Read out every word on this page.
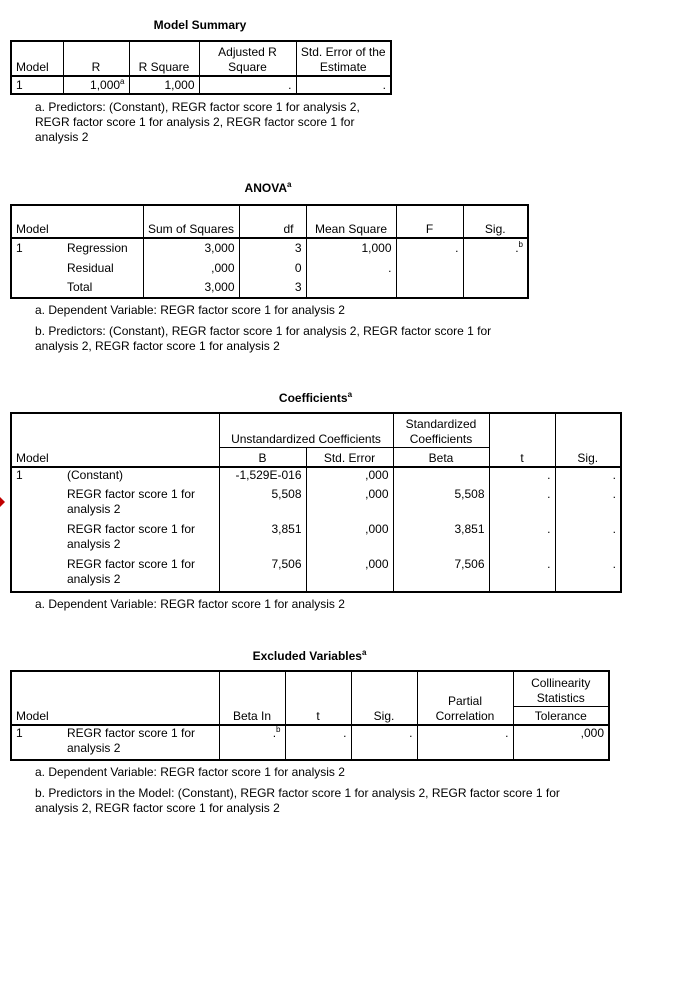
Model Summary
Model	R	R Square	Adjusted R Square	Std. Error of the Estimate
1	1,000$^a$	1,000	.	.
a. Predictors: (Constant), REGR factor score 1 for analysis 2, REGR factor score 1 for analysis 2, REGR factor score 1 for analysis 2
ANOVA$^a$
Model		Sum of Squares	df	Mean Square	F	Sig.
1	Regression	3,000	3	1,000	.	.$^b$
	Residual	,000	0	.		
	Total	3,000	3			
a. Dependent Variable: REGR factor score 1 for analysis 2
b. Predictors: (Constant), REGR factor score 1 for analysis 2, REGR factor score 1 for analysis 2, REGR factor score 1 for analysis 2
Coefficients$^a$
Model		Unstandardized Coefficients		Standardized Coefficients	t	Sig.
		B	Std. Error	Beta		
1	(Constant)	-1,529E-016	,000		.	.
	REGR factor score 1 for analysis 2	5,508	,000	5,508	.	.
	REGR factor score 1 for analysis 2	3,851	,000	3,851	.	.
	REGR factor score 1 for analysis 2	7,506	,000	7,506	.	.
a. Dependent Variable: REGR factor score 1 for analysis 2
Excluded Variables$^a$
Model		Beta In	t	Sig.	Partial Correlation	Collinearity Statistics
						Tolerance
1	REGR factor score 1 for analysis 2	.$^b$	.	.	.	,000
a. Dependent Variable: REGR factor score 1 for analysis 2
b. Predictors in the Model: (Constant), REGR factor score 1 for analysis 2, REGR factor score 1 for analysis 2, REGR factor score 1 for analysis 2
